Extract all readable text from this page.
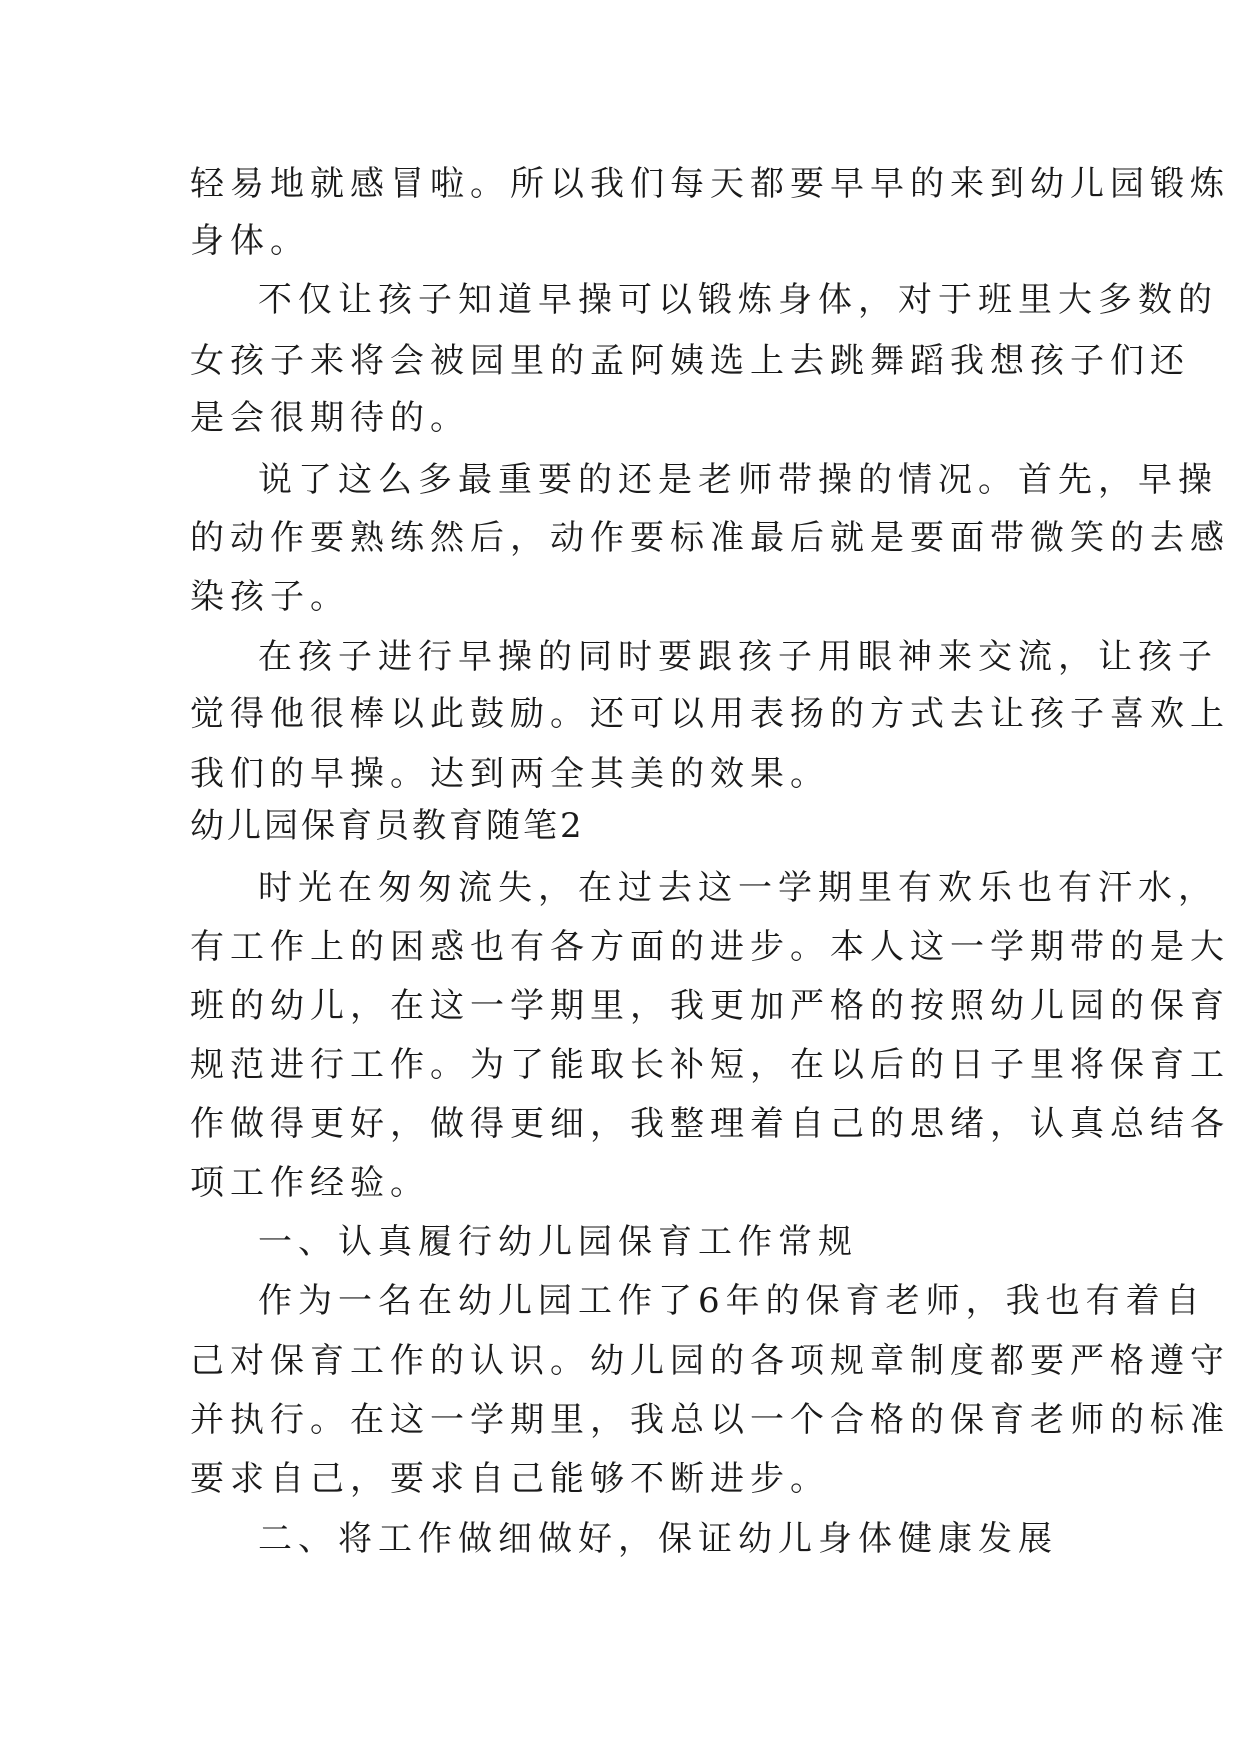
轻易地就感冒啦。所以我们每天都要早早的来到幼儿园锻炼
身体。
不仅让孩子知道早操可以锻炼身体，对于班里大多数的
女孩子来将会被园里的孟阿姨选上去跳舞蹈我想孩子们还
是会很期待的。
说了这么多最重要的还是老师带操的情况。首先，早操
的动作要熟练然后，动作要标准最后就是要面带微笑的去感
染孩子。
在孩子进行早操的同时要跟孩子用眼神来交流，让孩子
觉得他很棒以此鼓励。还可以用表扬的方式去让孩子喜欢上
我们的早操。达到两全其美的效果。
幼儿园保育员教育随笔2
时光在匆匆流失，在过去这一学期里有欢乐也有汗水，
有工作上的困惑也有各方面的进步。本人这一学期带的是大
班的幼儿，在这一学期里，我更加严格的按照幼儿园的保育
规范进行工作。为了能取长补短，在以后的日子里将保育工
作做得更好，做得更细，我整理着自己的思绪，认真总结各
项工作经验。
一、认真履行幼儿园保育工作常规
作为一名在幼儿园工作了6年的保育老师，我也有着自
己对保育工作的认识。幼儿园的各项规章制度都要严格遵守
并执行。在这一学期里，我总以一个合格的保育老师的标准
要求自己，要求自己能够不断进步。
二、将工作做细做好，保证幼儿身体健康发展
